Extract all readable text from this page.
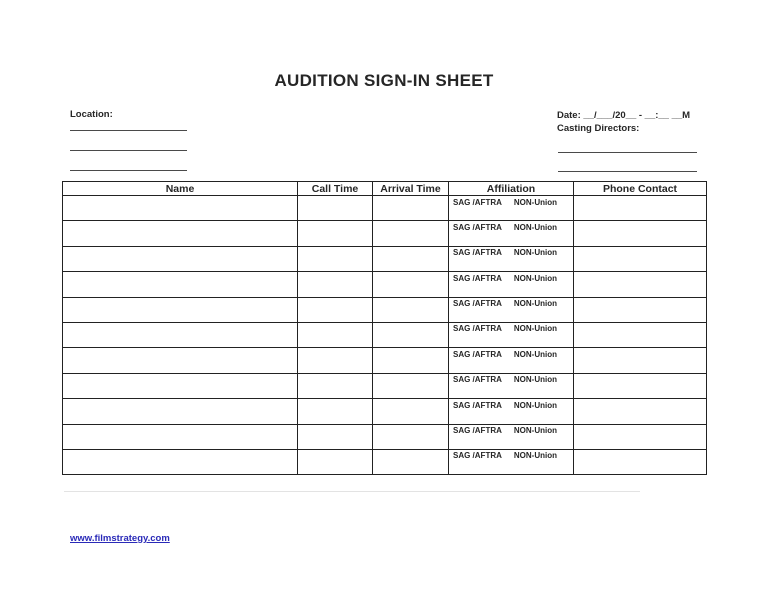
AUDITION SIGN-IN SHEET
Location:	Date: __/___/20__ - __:__ __M
Casting Directors:
Name	Call Time	Arrival Time	Affiliation	Phone Contact

			SAG /AFTRA NON-Union	

			SAG /AFTRA NON-Union	

			SAG /AFTRA NON-Union	

			SAG /AFTRA NON-Union	

			SAG /AFTRA NON-Union	

			SAG /AFTRA NON-Union	

			SAG /AFTRA NON-Union	

			SAG /AFTRA NON-Union	

			SAG /AFTRA NON-Union	

			SAG /AFTRA NON-Union	

			SAG /AFTRA NON-Union	

www.filmstrategy.com
